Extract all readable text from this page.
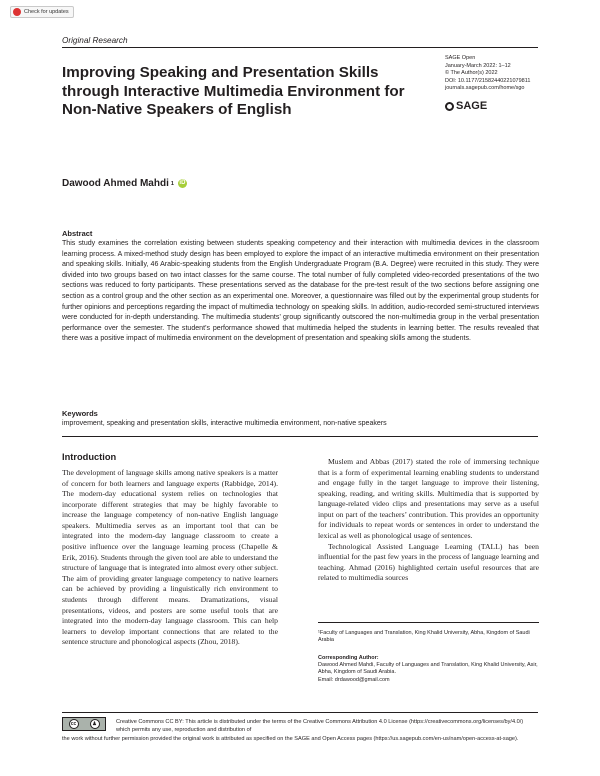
Check for updates
Original Research
Improving Speaking and Presentation Skills through Interactive Multimedia Environment for Non-Native Speakers of English
SAGE Open
January-March 2022: 1–12
© The Author(s) 2022
DOI: 10.1177/21582440221079811
journals.sagepub.com/home/sgo
SAGE
Dawood Ahmed Mahdi 1 iD
Abstract

This study examines the correlation existing between students speaking competency and their interaction with multimedia devices in the classroom learning process. A mixed-method study design has been employed to explore the impact of an interactive multimedia environment on their presentation and speaking skills. Initially, 46 Arabic-speaking students from the English Undergraduate Program (B.A. Degree) were recruited in this study. They were divided into two groups based on two intact classes for the same course. The total number of fully completed video-recorded presentations of the two sections was reduced to forty participants. These presentations served as the database for the pre-test result of the two sections before assigning one section as a control group and the other section as an experimental one. Moreover, a questionnaire was filled out by the experimental group students for further opinions and perceptions regarding the impact of multimedia technology on speaking skills. In addition, audio-recorded semi-structured interviews were conducted for in-depth understanding. The multimedia students’ group significantly outscored the non-multimedia group in the verbal presentation performance over the semester. The student’s performance showed that multimedia helped the students in learning better. The results revealed that there was a positive impact of multimedia environment on the development of presentation and speaking skills among the students.

Keywords

improvement, speaking and presentation skills, interactive multimedia environment, non-native speakers

Introduction

The development of language skills among native speakers is a matter of concern for both learners and language experts (Rabbidge, 2014). The modern-day educational system relies on technologies that incorporate different strategies that may be highly favorable to increase the language competency of non-native English language speakers. Multimedia serves as an important tool that can be integrated into the modern-day language classroom to create a positive influence over the language learning process (Chapelle & Erik, 2016). Students through the given tool are able to understand the structure of language that is integrated into almost every other subject. The aim of providing greater language competency to native learners can be achieved by providing a linguistically rich environment to students through different means. Dramatizations, visual presentations, videos, and posters are some useful tools that are integrated into the modern-day language classroom. This can help learners to develop important connections that are related to the sentence structure and phonological aspects (Zhou, 2018).

Muslem and Abbas (2017) stated the role of immersing technique that is a form of experimental learning enabling students to understand and engage fully in the target language to improve their listening, speaking, reading, and writing skills. Multimedia that is supported by language-related video clips and presentations may serve as a useful input on part of the teachers’ contribution. This provides an opportunity for individuals to repeat words or sentences in order to understand the lexical as well as phonological usage of sentences.

Technological Assisted Language Learning (TALL) has been influential for the past few years in the process of language learning and teaching. Ahmad (2016) highlighted certain useful resources that are related to multimedia sources

¹Faculty of Languages and Translation, King Khalid University, Abha, Kingdom of Saudi Arabia
Corresponding Author:
Dawood Ahmed Mahdi, Faculty of Languages and Translation, King Khalid University, Asir, Abha, Kingdom of Saudi Arabia.
Email: drdawood@gmail.com
cc	♟	Creative Commons CC BY: This article is distributed under the terms of the Creative Commons Attribution 4.0 License (https://creativecommons.org/licenses/by/4.0/) which permits any use, reproduction and distribution of

the work without further permission provided the original work is attributed as specified on the SAGE and Open Access pages (https://us.sagepub.com/en-us/nam/open-access-at-sage).
